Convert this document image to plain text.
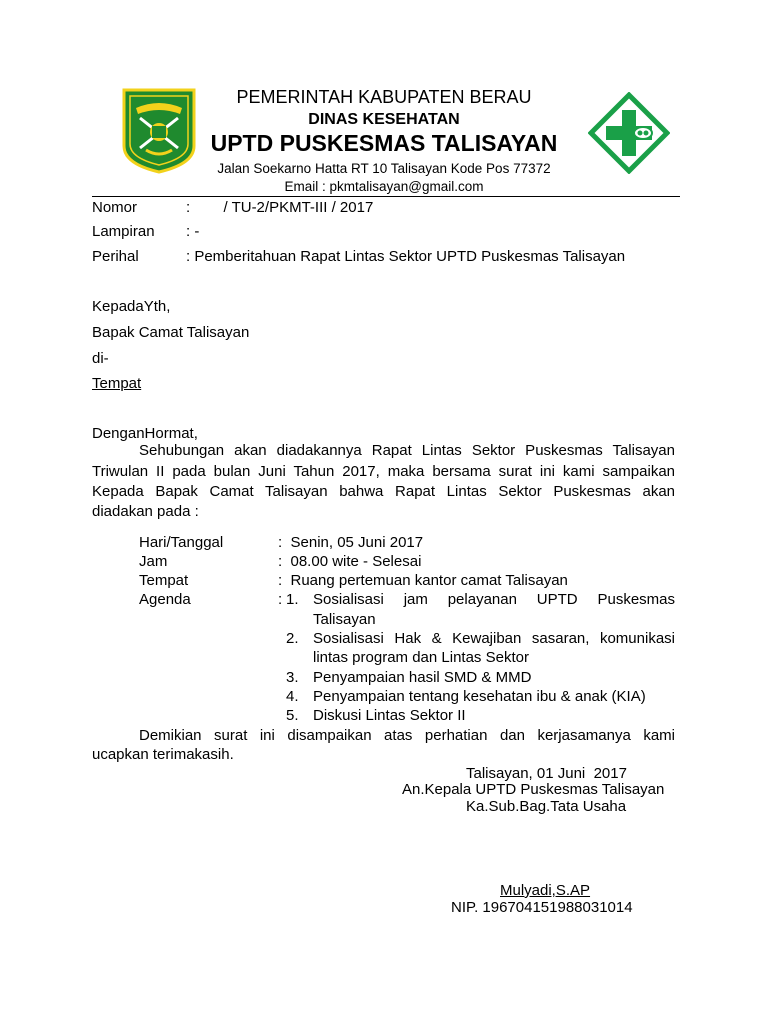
PEMERINTAH KABUPATEN BERAU
DINAS KESEHATAN
UPTD PUSKESMAS TALISAYAN
Jalan Soekarno Hatta RT 10 Talisayan Kode Pos 77372
Email : pkmtalisayan@gmail.com
Nomor	:        / TU-2/PKMT-III / 2017
Lampiran : -
Perihal	: Pemberitahuan Rapat Lintas Sektor UPTD Puskesmas Talisayan
KepadaYth,
Bapak Camat Talisayan
di-
Tempat
DenganHormat,
Sehubungan akan diadakannya Rapat Lintas Sektor Puskesmas Talisayan
Triwulan II pada bulan Juni Tahun 2017, maka bersama surat ini kami sampaikan
Kepada Bapak Camat Talisayan bahwa Rapat Lintas Sektor Puskesmas akan
diadakan pada :
Hari/Tanggal	:  Senin, 05 Juni 2017
Jam	:  08.00 wite - Selesai
Tempat	:  Ruang pertemuan kantor camat Talisayan
Agenda	: 1. Sosialisasi jam pelayanan UPTD Puskesmas
Talisayan
2. Sosialisasi Hak & Kewajiban sasaran, komunikasi
lintas program dan Lintas Sektor
3. Penyampaian hasil SMD & MMD
4. Penyampaian tentang kesehatan ibu & anak (KIA)
5. Diskusi Lintas Sektor II
Demikian surat ini disampaikan atas perhatian dan kerjasamanya kami
ucapkan terimakasih.
Talisayan, 01 Juni  2017
An.Kepala UPTD Puskesmas Talisayan
Ka.Sub.Bag.Tata Usaha
Mulyadi,S.AP
NIP. 196704151988031014
